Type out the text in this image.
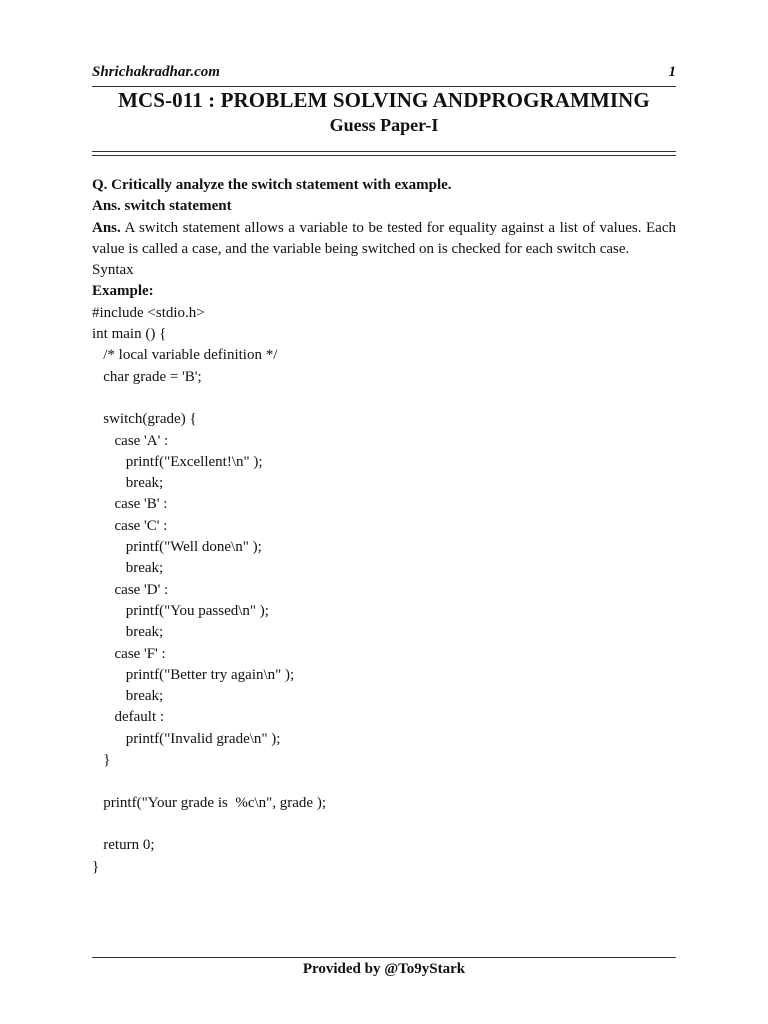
Shrichakradhar.com	1
MCS-011 : PROBLEM SOLVING ANDPROGRAMMING
Guess Paper-I

Q. Critically analyze the switch statement with example.

Ans. switch statement

Ans. A switch statement allows a variable to be tested for equality against a list of values. Each value is called a case, and the variable being switched on is checked for each switch case.

Syntax

Example:

#include <stdio.h>

int main () {

/* local variable definition */

char grade = 'B';

switch(grade) {

case 'A' :

printf("Excellent!\n" );

break;

case 'B' :

case 'C' :

printf("Well done\n" );

break;

case 'D' :

printf("You passed\n" );

break;

case 'F' :

printf("Better try again\n" );

break;

default :

printf("Invalid grade\n" );

}

printf("Your grade is  %c\n", grade );

return 0;

}

Provided by @To9yStark
